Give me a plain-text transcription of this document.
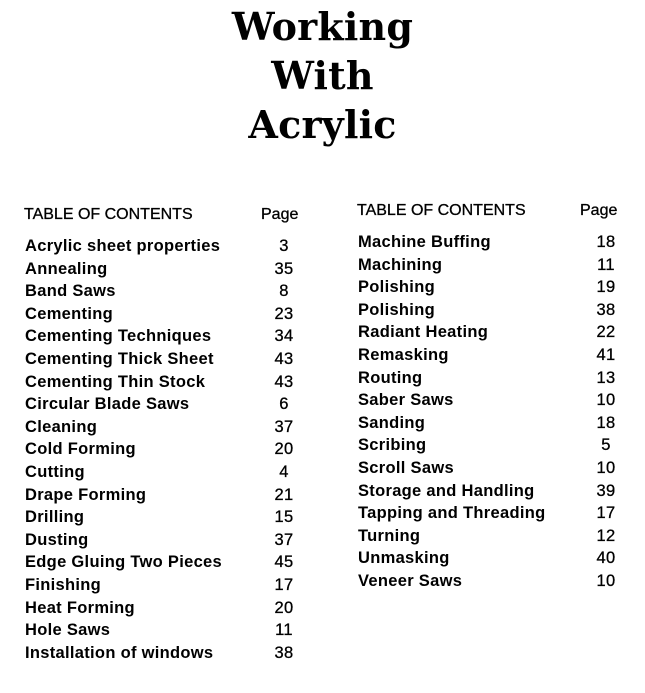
Working
With
Acrylic
TABLE OF CONTENTS	Page
Acrylic sheet properties	3
Annealing	35
Band Saws	8
Cementing	23
Cementing Techniques	34
Cementing Thick Sheet	43
Cementing Thin Stock	43
Circular Blade Saws	6
Cleaning	37
Cold Forming	20
Cutting	4
Drape Forming	21
Drilling	15
Dusting	37
Edge Gluing Two Pieces	45
Finishing	17
Heat Forming	20
Hole Saws	11
Installation of windows	38
TABLE OF CONTENTS	Page
Machine Buffing	18
Machining	11
Polishing	19
Polishing	38
Radiant Heating	22
Remasking	41
Routing	13
Saber Saws	10
Sanding	18
Scribing	5
Scroll Saws	10
Storage and Handling	39
Tapping and Threading	17
Turning	12
Unmasking	40
Veneer Saws	10
